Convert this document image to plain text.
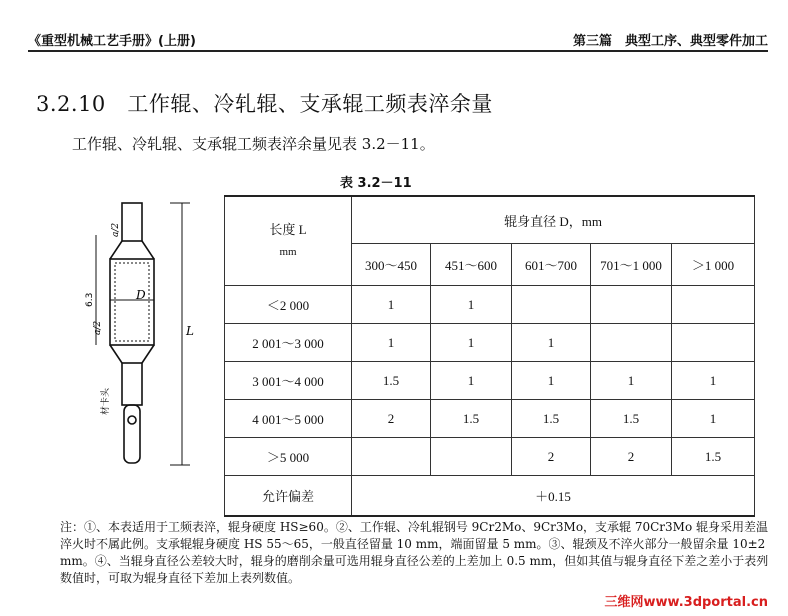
《重型机械工艺手册》(上册)	第三篇　典型工序、典型零件加工
3.2.10 工作辊、冷轧辊、支承辊工频表淬余量
工作辊、冷轧辊、支承辊工频表淬余量见表 3.2－11。
表 3.2－11
D
L
a/2
a/2
6.3
材卡头
长度 L
mm	辊身直径 D，mm				
	300～450	451～600	601～700	701～1 000	＞1 000
＜2 000	1	1			
2 001～3 000	1	1	1		
3 001～4 000	1.5	1	1	1	1
4 001～5 000	2	1.5	1.5	1.5	1
＞5 000			2	2	1.5
允许偏差	＋0.15				
注：①、本表适用于工频表淬，辊身硬度 HS≥60。②、工作辊、冷轧辊钢号 9Cr2Mo、9Cr3Mo，支承辊 70Cr3Mo 辊身采用差温淬火时不属此例。支承辊辊身硬度 HS 55～65，一般直径留量 10 mm，端面留量 5 mm。③、辊颈及不淬火部分一般留余量 10±2 mm。④、当辊身直径公差较大时，辊身的磨削余量可选用辊身直径公差的上差加上 0.5 mm，但如其值与辊身直径下差之差小于表列数值时，可取为辊身直径下差加上表列数值。
三维网www.3dportal.cn
